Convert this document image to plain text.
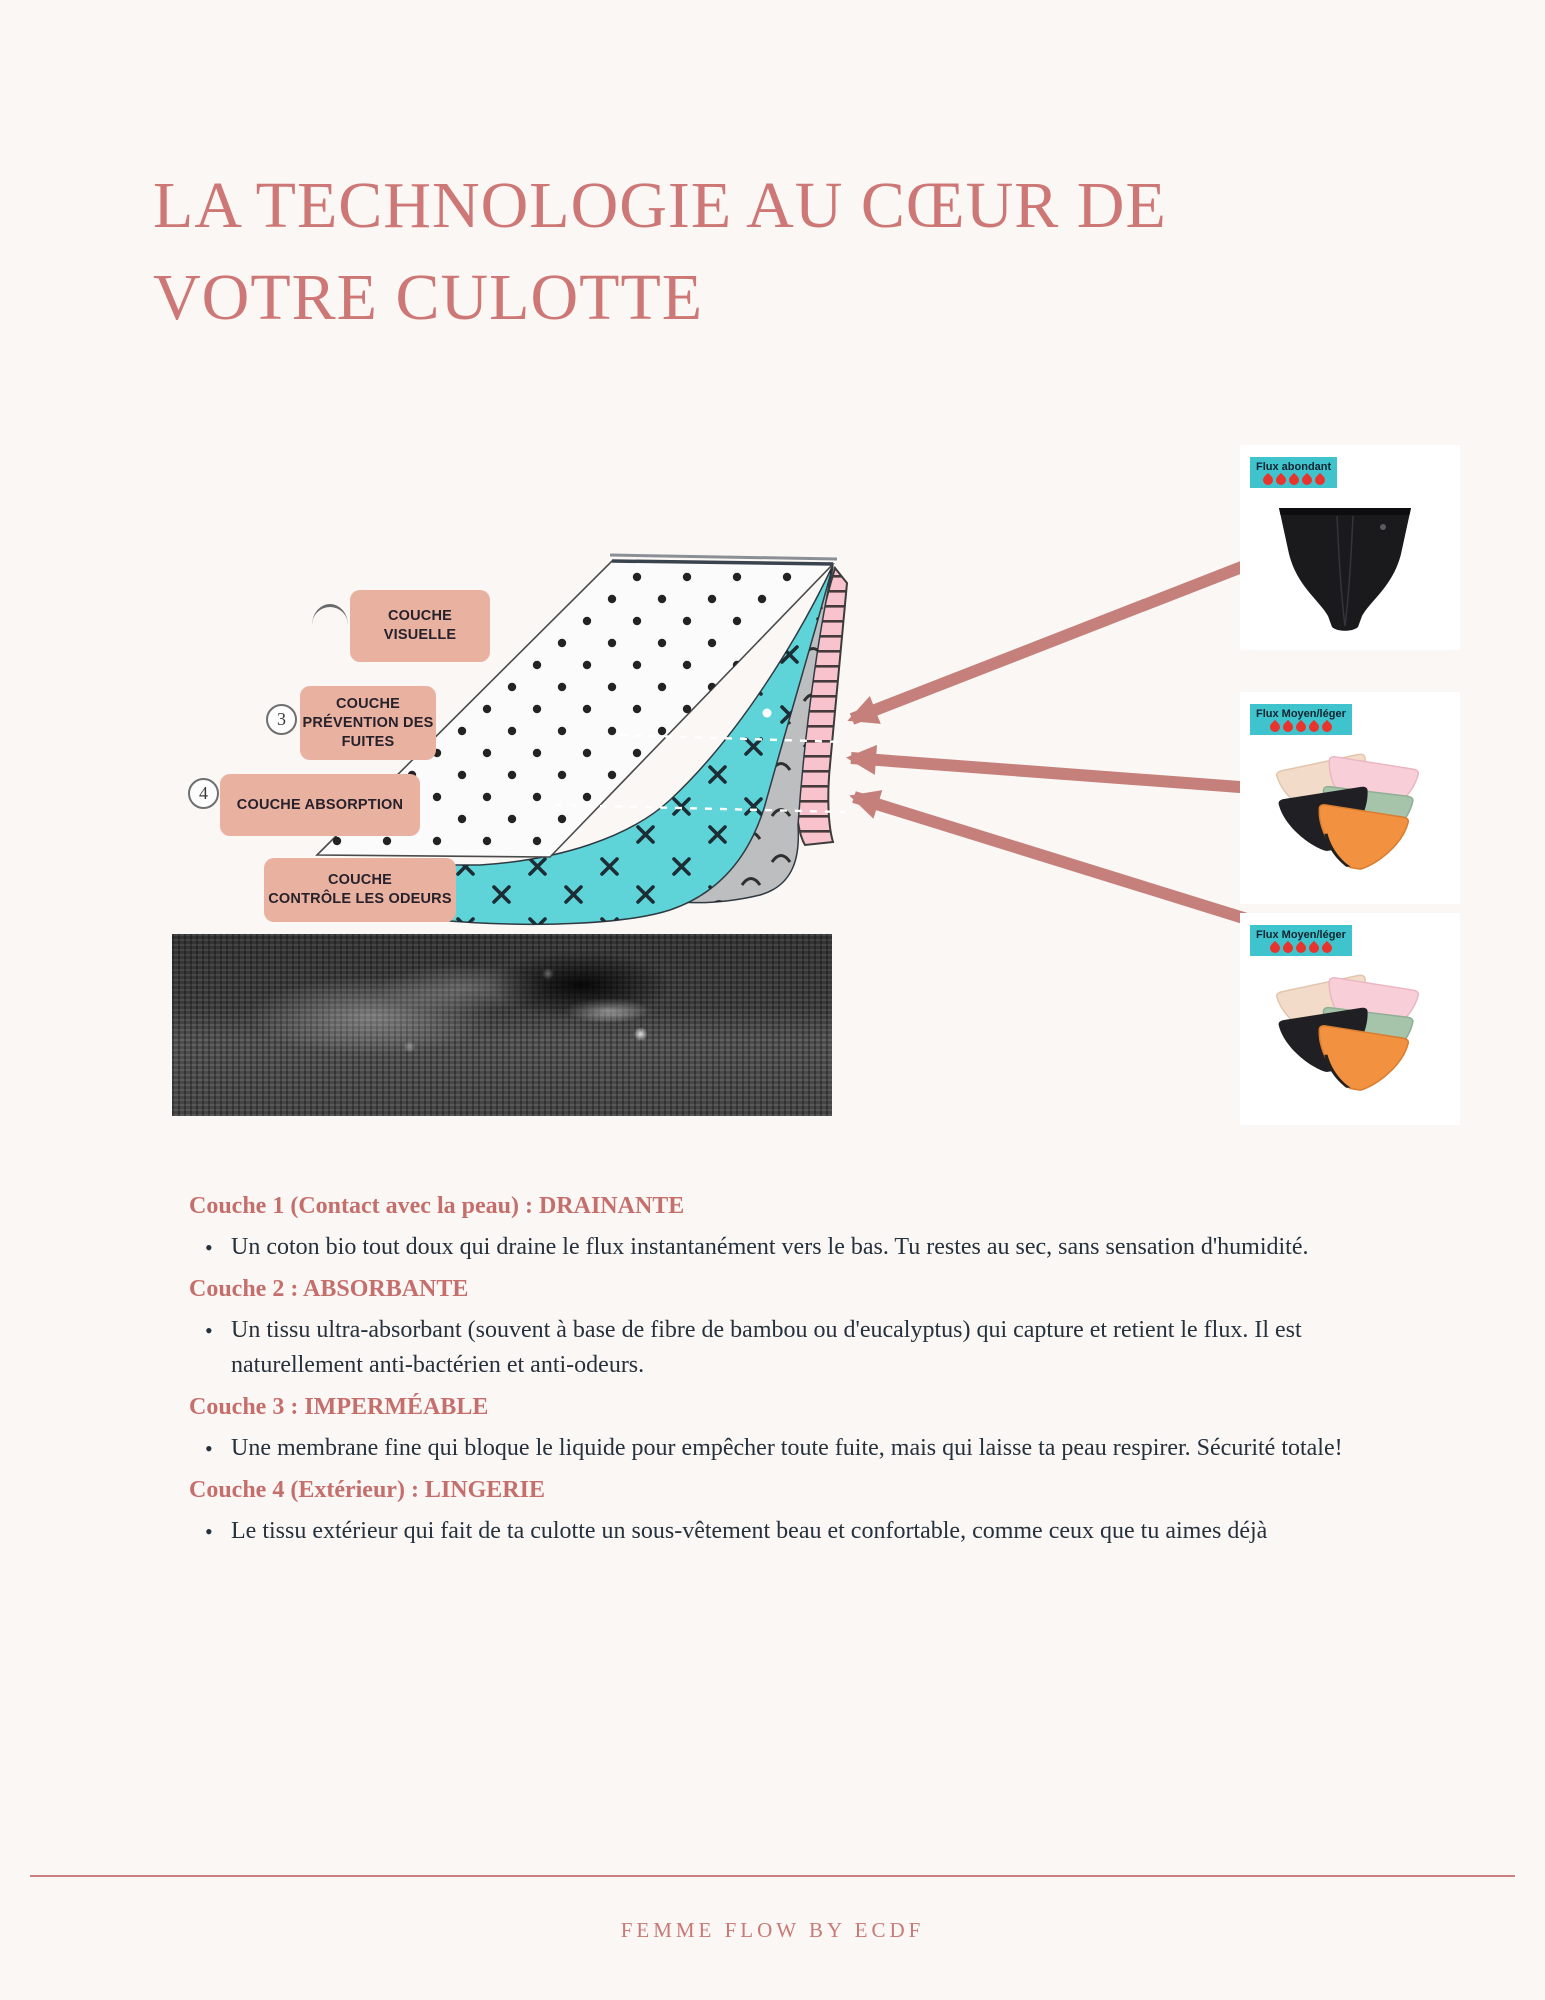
LA TECHNOLOGIE AU CŒUR DE
VOTRE CULOTTE
COUCHE VISUELLE
3
COUCHE
PRÉVENTION DES
FUITES
4
COUCHE ABSORPTION
COUCHE
CONTRÔLE LES ODEURS
Flux abondant
Flux Moyen/léger
Flux Moyen/léger
Couche 1 (Contact avec la peau) : DRAINANTE
• Un coton bio tout doux qui draine le flux instantanément vers le bas. Tu restes au sec, sans sensation d'humidité.
Couche 2 : ABSORBANTE
• Un tissu ultra-absorbant (souvent à base de fibre de bambou ou d'eucalyptus) qui capture et retient le flux. Il est naturellement anti-bactérien et anti-odeurs.
Couche 3 : IMPERMÉABLE
• Une membrane fine qui bloque le liquide pour empêcher toute fuite, mais qui laisse ta peau respirer. Sécurité totale!
Couche 4 (Extérieur) : LINGERIE
• Le tissu extérieur qui fait de ta culotte un sous-vêtement beau et confortable, comme ceux que tu aimes déjà
FEMME FLOW BY ECDF
